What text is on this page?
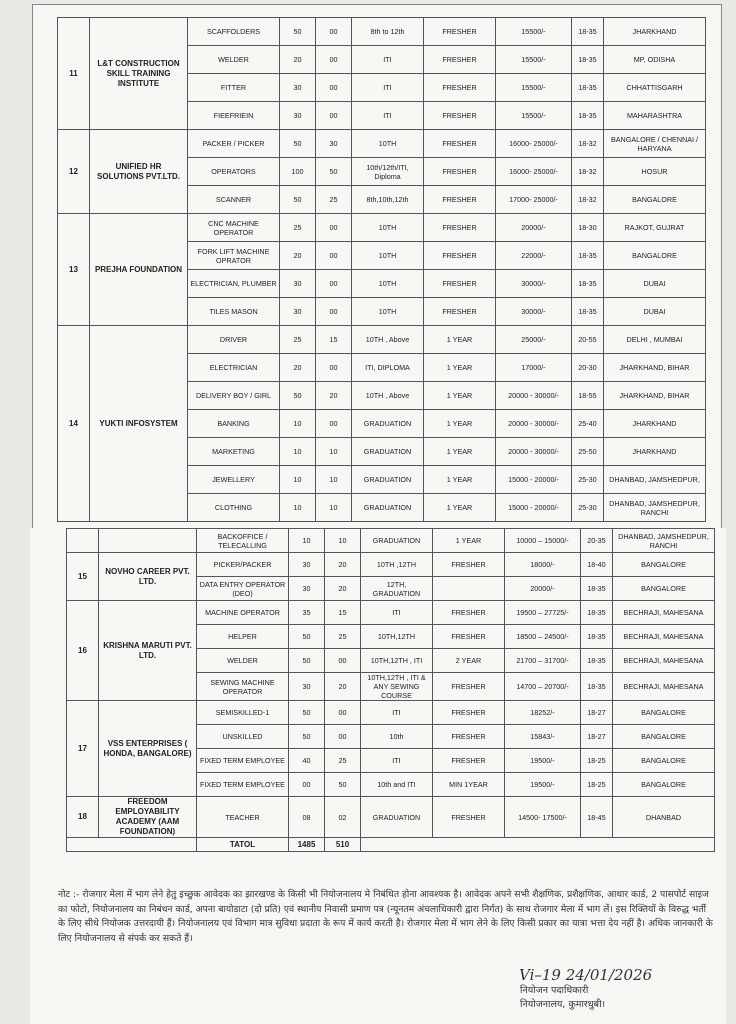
11	L&T CONSTRUCTION SKILL TRAINING INSTITUTE	SCAFFOLDERS	50	00	8th to 12th	FRESHER	15500/-	18-35	JHARKHAND
		WELDER	20	00	ITI	FRESHER	15500/-	18-35	MP, ODISHA
		FITTER	30	00	ITI	FRESHER	15500/-	18-35	CHHATTISGARH
		FIEEFRIEIN	30	00	ITI	FRESHER	15500/-	18-35	MAHARASHTRA
12	UNIFIED HR SOLUTIONS PVT.LTD.	PACKER / PICKER	50	30	10TH	FRESHER	16000- 25000/-	18-32	BANGALORE / CHENNAI / HARYANA
		OPERATORS	100	50	10th/12th/ITI, Diploma	FRESHER	16000- 25000/-	18-32	HOSUR
		SCANNER	50	25	8th,10th,12th	FRESHER	17000- 25000/-	18-32	BANGALORE
13	PREJHA FOUNDATION	CNC MACHINE OPERATOR	25	00	10TH	FRESHER	20000/-	18-30	RAJKOT, GUJRAT
		FORK LIFT MACHINE OPRATOR	20	00	10TH	FRESHER	22000/-	18-35	BANGALORE
		ELECTRICIAN, PLUMBER	30	00	10TH	FRESHER	30000/-	18-35	DUBAI
		TILES MASON	30	00	10TH	FRESHER	30000/-	18-35	DUBAI
14	YUKTI INFOSYSTEM	DRIVER	25	15	10TH , Above	1 YEAR	25000/-	20-55	DELHI , MUMBAI
		ELECTRICIAN	20	00	ITI, DIPLOMA	1 YEAR	17000/-	20-30	JHARKHAND, BIHAR
		DELIVERY BOY / GIRL	50	20	10TH , Above	1 YEAR	20000 - 30000/-	18-55	JHARKHAND, BIHAR
		BANKING	10	00	GRADUATION	1 YEAR	20000 - 30000/-	25-40	JHARKHAND
		MARKETING	10	10	GRADUATION	1 YEAR	20000 - 30000/-	25-50	JHARKHAND
		JEWELLERY	10	10	GRADUATION	1 YEAR	15000 - 20000/-	25-30	DHANBAD, JAMSHEDPUR,
		CLOTHING	10	10	GRADUATION	1 YEAR	15000 - 20000/-	25-30	DHANBAD, JAMSHEDPUR, RANCHI
		BACKOFFICE / TELECALLING	10	10	GRADUATION	1 YEAR	10000 – 15000/-	20-35	DHANBAD, JAMSHEDPUR, RANCHI
15	NOVHO CAREER PVT. LTD.	PICKER/PACKER	30	20	10TH ,12TH	FRESHER	18000/-	18-40	BANGALORE
		DATA ENTRY OPERATOR (DEO)	30	20	12TH, GRADUATION		20000/-	18-35	BANGALORE
16	KRISHNA MARUTI PVT. LTD.	MACHINE OPERATOR	35	15	ITI	FRESHER	19500 – 27725/-	18-35	BECHRAJI, MAHESANA
		HELPER	50	25	10TH,12TH	FRESHER	18500 – 24500/-	18-35	BECHRAJI, MAHESANA
		WELDER	50	00	10TH,12TH , ITI	2 YEAR	21700 – 31700/-	18-35	BECHRAJI, MAHESANA
		SEWING MACHINE OPERATOR	30	20	10TH,12TH , ITI & ANY SEWING COURSE	FRESHER	14700 – 20700/-	18-35	BECHRAJI, MAHESANA
17	VSS ENTERPRISES ( HONDA, BANGALORE)	SEMISKILLED-1	50	00	ITI	FRESHER	18252/-	18-27	BANGALORE
		UNSKILLED	50	00	10th	FRESHER	15843/-	18-27	BANGALORE
		FIXED TERM EMPLOYEE	40	25	ITI	FRESHER	19500/-	18-25	BANGALORE
		FIXED TERM EMPLOYEE	00	50	10th and ITI	MIN 1YEAR	19500/-	18-25	BANGALORE
18	FREEDOM EMPLOYABILITY ACADEMY (AAM FOUNDATION)	TEACHER	08	02	GRADUATION	FRESHER	14500- 17500/-	18-45	DHANBAD
		TATOL	1485	510					
नोट :- रोजगार मेला में भाग लेने हेतु इच्छुक आवेदक का झारखण्ड के किसी भी नियोजनालय मे निबंधित होना आवश्यक है। आवेदक अपने सभी शैक्षणिक, प्रशैक्षणिक, आधार कार्ड, 2 पासपोर्ट साइज का फोटो, नियोजनालय का निबंधन कार्ड, अपना बायोडाटा (दो प्रति) एवं स्थानीय निवासी प्रमाण पत्र (न्यूनतम अंचलाधिकारी द्वारा निर्गत) के साथ रोजगार मेला में भाग लें। इस रिक्तियों के विरुद्ध भर्ती के लिए सीधे नियोजक उत्तरदायी हैं। नियोजनालय एवं विभाग मात्र सुविधा प्रदाता के रूप में कार्य करती है। रोजगार मेला में भाग लेने के लिए किसी प्रकार का यात्रा भत्ता देय नहीं है। अधिक जानकारी के लिए नियोजनालय से संपर्क कर सकते हैं।
Vi–19 24/01/2026
नियोजन पदाधिकारी
नियोजनालय, कुमारधुबी।
